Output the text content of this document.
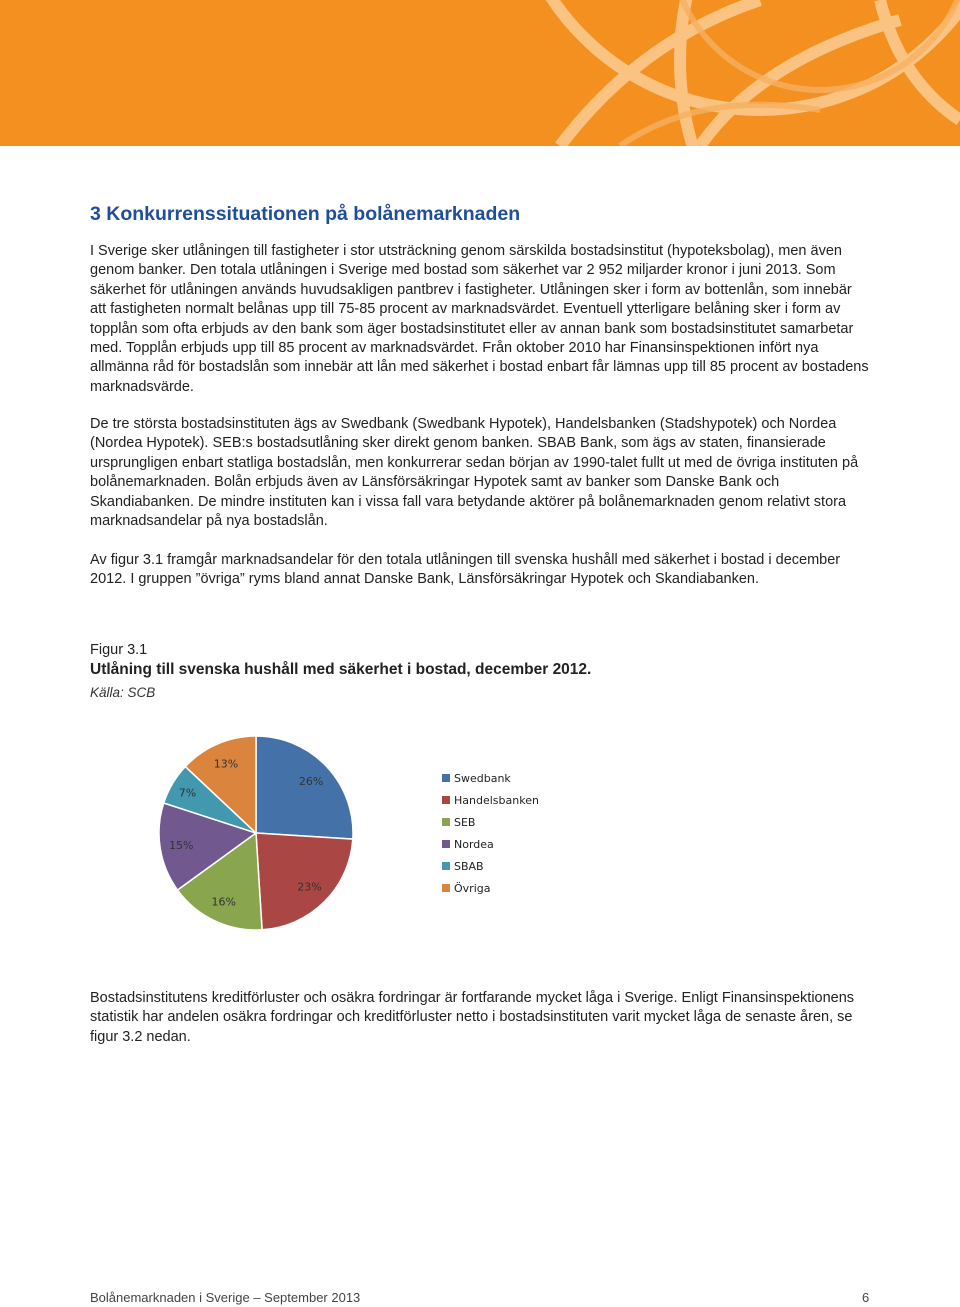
3 Konkurrenssituationen på bolånemarknaden

I Sverige sker utlåningen till fastigheter i stor utsträckning genom särskilda bostadsinstitut (hypoteksbolag), men även genom banker. Den totala utlåningen i Sverige med bostad som säkerhet var 2 952 miljarder kronor i juni 2013. Som säkerhet för utlåningen används huvudsakligen pantbrev i fastigheter. Utlåningen sker i form av bottenlån, som innebär att fastigheten normalt belånas upp till 75-85 procent av marknadsvärdet. Eventuell ytterligare belåning sker i form av topplån som ofta erbjuds av den bank som äger bostadsinstitutet eller av annan bank som bostadsinstitutet samarbetar med. Topplån erbjuds upp till 85 procent av marknadsvärdet. Från oktober 2010 har Finansinspektionen infört nya allmänna råd för bostadslån som innebär att lån med säkerhet i bostad enbart får lämnas upp till 85 procent av bostadens marknadsvärde.

De tre största bostadsinstituten ägs av Swedbank (Swedbank Hypotek), Handelsbanken (Stadshypotek) och Nordea (Nordea Hypotek). SEB:s bostadsutlåning sker direkt genom banken. SBAB Bank, som ägs av staten, finansierade ursprungligen enbart statliga bostadslån, men konkurrerar sedan början av 1990-talet fullt ut med de övriga instituten på bolånemarknaden. Bolån erbjuds även av Länsförsäkringar Hypotek samt av banker som Danske Bank och Skandiabanken. De mindre instituten kan i vissa fall vara betydande aktörer på bolånemarknaden genom relativt stora marknadsandelar på nya bostadslån.

Av figur 3.1 framgår marknadsandelar för den totala utlåningen till svenska hushåll med säkerhet i bostad i december 2012. I gruppen ”övriga” ryms bland annat Danske Bank, Länsförsäkringar Hypotek och Skandiabanken.

Figur 3.1
Utlåning till svenska hushåll med säkerhet i bostad, december 2012.
Källa: SCB
26%
23%
16%
15%
7%
13%
Swedbank
Handelsbanken
SEB
Nordea
SBAB
Övriga

Bostadsinstitutens kreditförluster och osäkra fordringar är fortfarande mycket låga i Sverige. Enligt Finansinspektionens statistik har andelen osäkra fordringar och kreditförluster netto i bostadsinstituten varit mycket låga de senaste åren, se figur 3.2 nedan.

Bolånemarknaden i Sverige – September 2013	6
